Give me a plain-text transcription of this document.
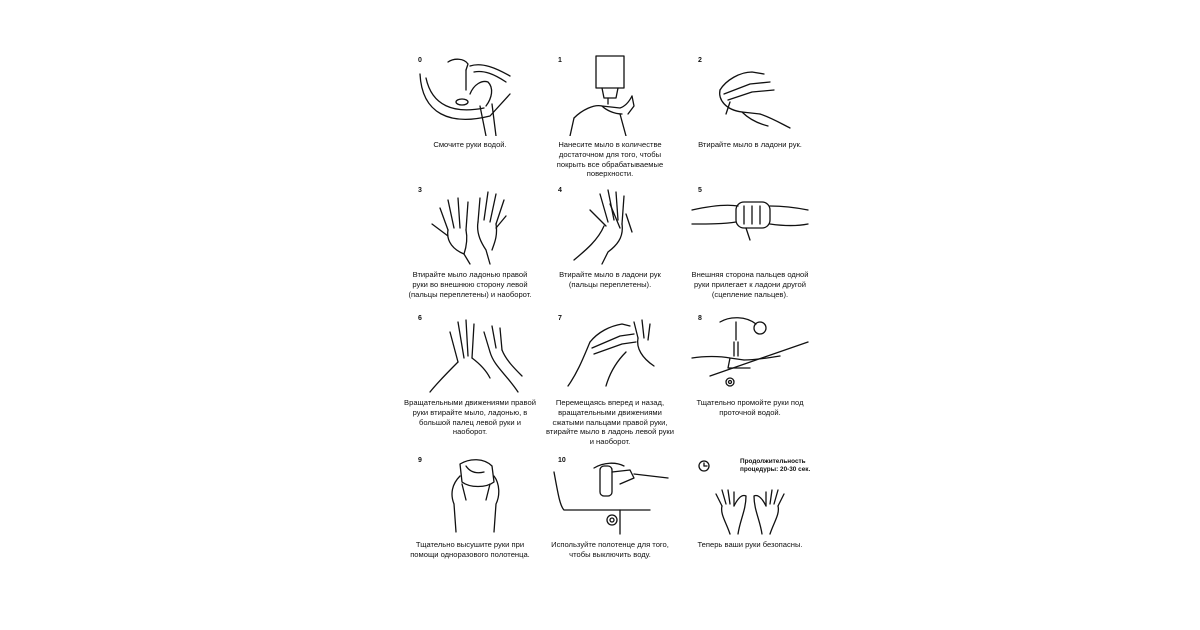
0
Смочите руки водой.
1
Нанесите мыло в количестве достаточном для того, чтобы покрыть все обрабатываемые поверхности.
2
Втирайте мыло в ладони рук.
3
Втирайте мыло ладонью правой руки во внешнюю сторону левой (пальцы переплетены) и наоборот.
4
Втирайте мыло в ладони рук (пальцы переплетены).
5
Внешняя сторона пальцев одной руки прилегает к ладони другой (сцепление пальцев).
6
Вращательными движениями правой руки втирайте мыло, ладонью, в большой палец левой руки и наоборот.
7
Перемещаясь вперед и назад, вращательными движениями сжатыми пальцами правой руки, втирайте мыло в ладонь левой руки и наоборот.
8
Тщательно промойте руки под проточной водой.
9
Тщательно высушите руки при помощи одноразового полотенца.
10
Используйте полотенце для того, чтобы выключить воду.
Продолжительность процедуры: 20-30 сек.
Теперь ваши руки безопасны.
